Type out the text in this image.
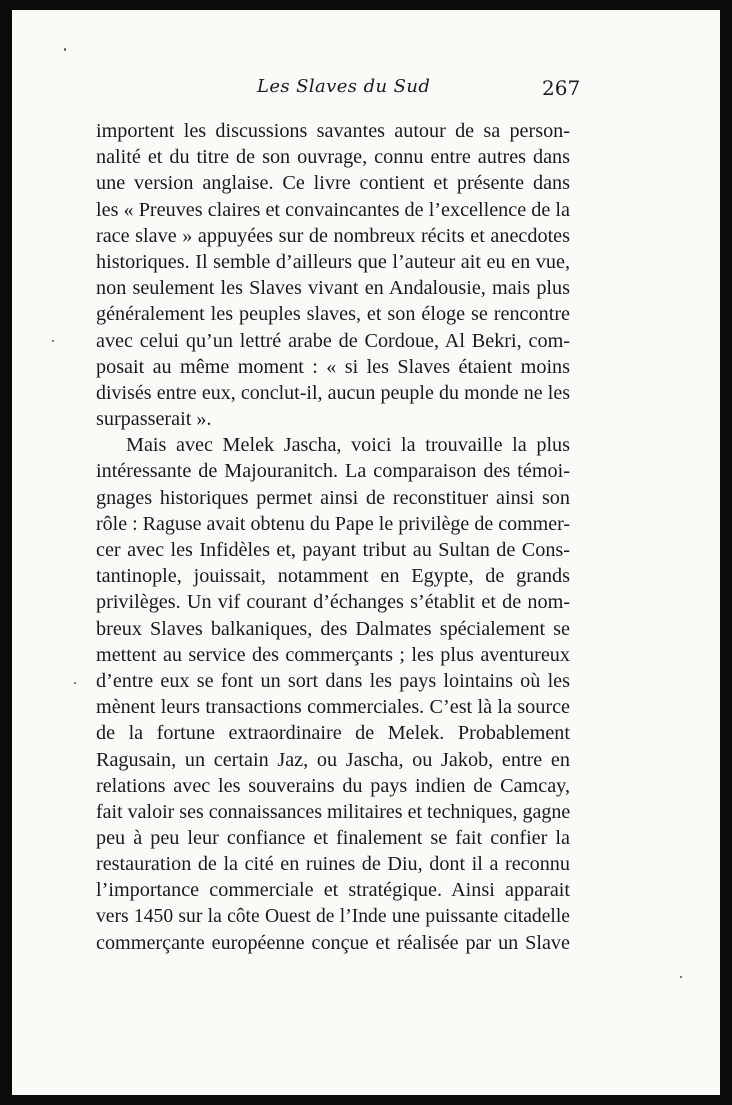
Les Slaves du Sud	267
importent les discussions savantes autour de sa person-
nalité et du titre de son ouvrage, connu entre autres dans
une version anglaise. Ce livre contient et présente dans
les « Preuves claires et convaincantes de l’excellence de la
race slave » appuyées sur de nombreux récits et anecdotes
historiques. Il semble d’ailleurs que l’auteur ait eu en vue,
non seulement les Slaves vivant en Andalousie, mais plus
généralement les peuples slaves, et son éloge se rencontre
avec celui qu’un lettré arabe de Cordoue, Al Bekri, com-
posait au même moment : « si les Slaves étaient moins
divisés entre eux, conclut-il, aucun peuple du monde ne les
surpasserait ».
Mais avec Melek Jascha, voici la trouvaille la plus
intéressante de Majouranitch. La comparaison des témoi-
gnages historiques permet ainsi de reconstituer ainsi son
rôle : Raguse avait obtenu du Pape le privilège de commer-
cer avec les Infidèles et, payant tribut au Sultan de Cons-
tantinople, jouissait, notamment en Egypte, de grands
privilèges. Un vif courant d’échanges s’établit et de nom-
breux Slaves balkaniques, des Dalmates spécialement se
mettent au service des commerçants ; les plus aventureux
d’entre eux se font un sort dans les pays lointains où les
mènent leurs transactions commerciales. C’est là la source
de la fortune extraordinaire de Melek. Probablement
Ragusain, un certain Jaz, ou Jascha, ou Jakob, entre en
relations avec les souverains du pays indien de Camcay,
fait valoir ses connaissances militaires et techniques, gagne
peu à peu leur confiance et finalement se fait confier la
restauration de la cité en ruines de Diu, dont il a reconnu
l’importance commerciale et stratégique. Ainsi apparait
vers 1450 sur la côte Ouest de l’Inde une puissante citadelle
commerçante européenne conçue et réalisée par un Slave
